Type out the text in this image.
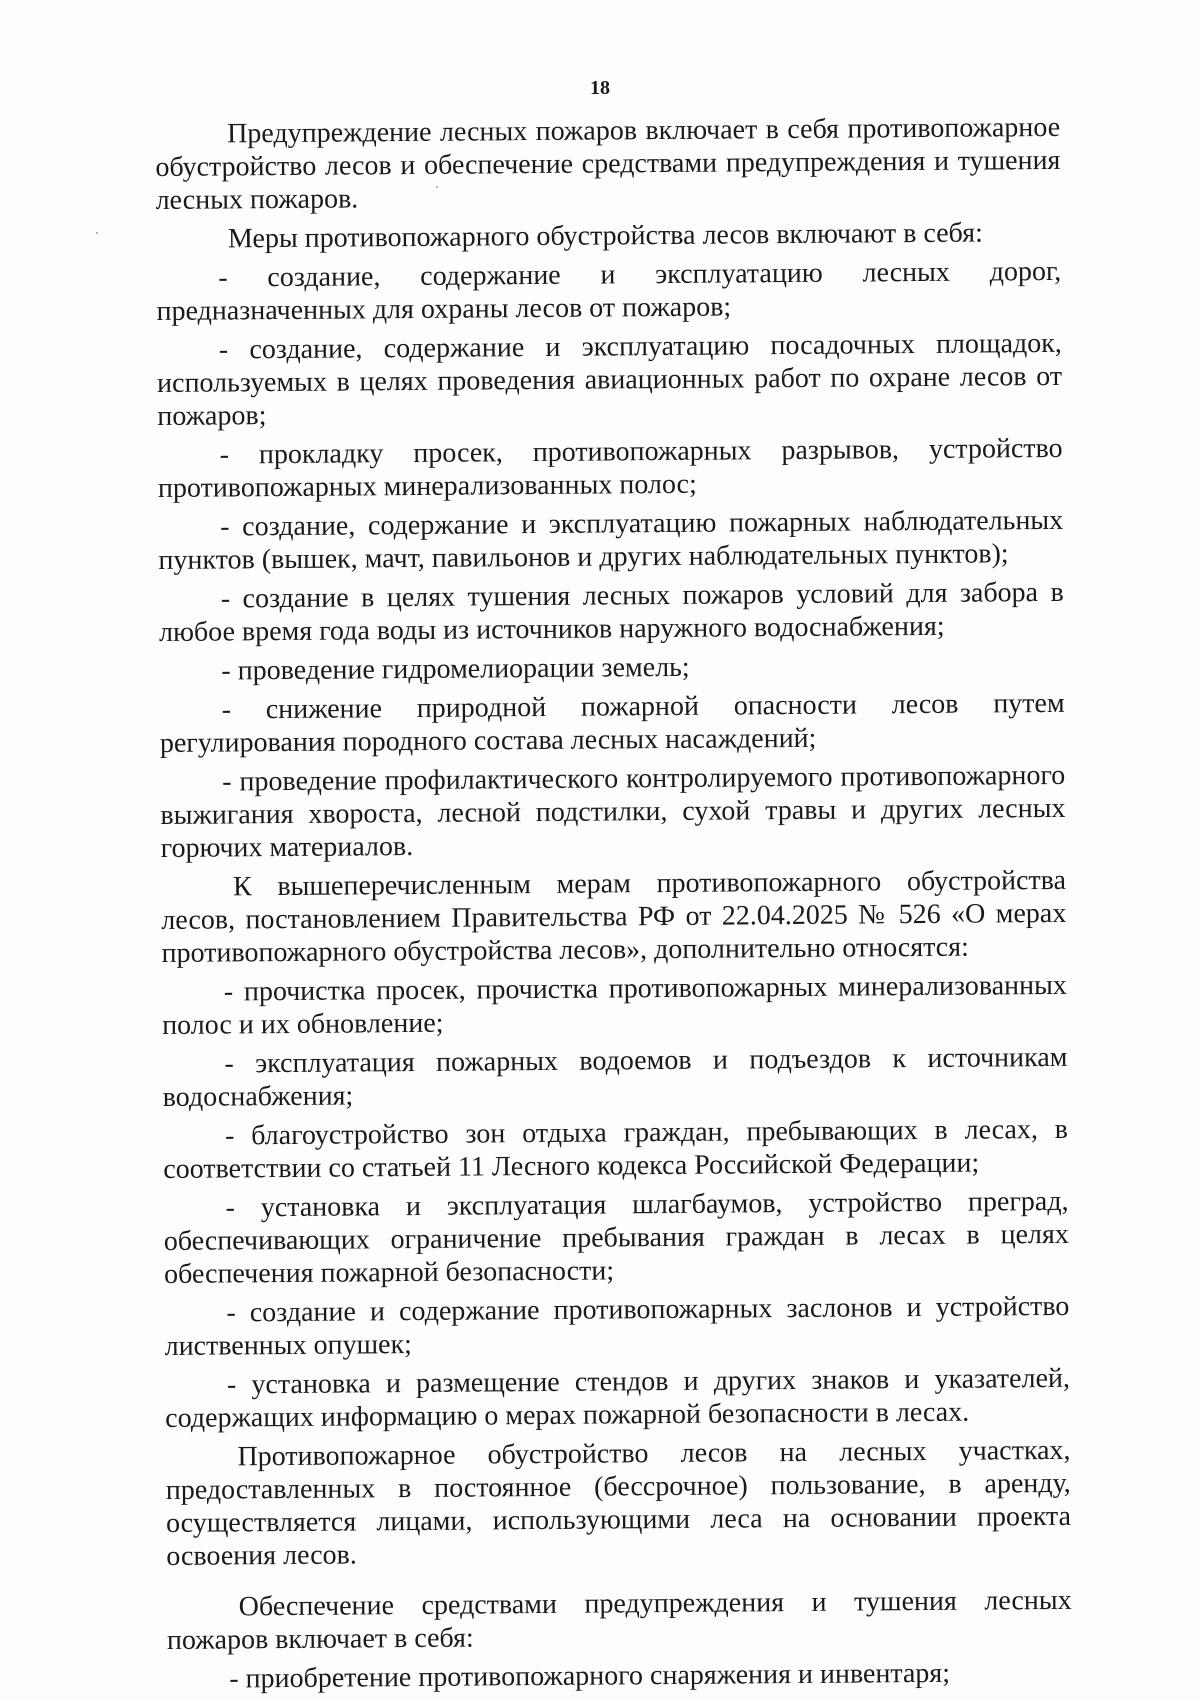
18

Предупреждение лесных пожаров включает в себя противопожарное обустройство лесов и обеспечение средствами предупреждения и тушения лесных пожаров.

Меры противопожарного обустройства лесов включают в себя:

- создание, содержание и эксплуатацию лесных дорог, предназначенных для охраны лесов от пожаров;

- создание, содержание и эксплуатацию посадочных площадок, используемых в целях проведения авиационных работ по охране лесов от пожаров;

- прокладку просек, противопожарных разрывов, устройство противопожарных минерализованных полос;

- создание, содержание и эксплуатацию пожарных наблюдательных пунктов (вышек, мачт, павильонов и других наблюдательных пунктов);

- создание в целях тушения лесных пожаров условий для забора в любое время года воды из источников наружного водоснабжения;

- проведение гидромелиорации земель;

- снижение природной пожарной опасности лесов путем регулирования породного состава лесных насаждений;

- проведение профилактического контролируемого противопожарного выжигания хвороста, лесной подстилки, сухой травы и других лесных горючих материалов.

К вышеперечисленным мерам противопожарного обустройства лесов, постановлением Правительства РФ от 22.04.2025 № 526 «О мерах противопожарного обустройства лесов», дополнительно относятся:

- прочистка просек, прочистка противопожарных минерализованных полос и их обновление;

- эксплуатация пожарных водоемов и подъездов к источникам водоснабжения;

- благоустройство зон отдыха граждан, пребывающих в лесах, в соответствии со статьей 11 Лесного кодекса Российской Федерации;

- установка и эксплуатация шлагбаумов, устройство преград, обеспечивающих ограничение пребывания граждан в лесах в целях обеспечения пожарной безопасности;

- создание и содержание противопожарных заслонов и устройство лиственных опушек;

- установка и размещение стендов и других знаков и указателей, содержащих информацию о мерах пожарной безопасности в лесах.

Противопожарное обустройство лесов на лесных участках, предоставленных в постоянное (бессрочное) пользование, в аренду, осуществляется лицами, использующими леса на основании проекта освоения лесов.

Обеспечение средствами предупреждения и тушения лесных пожаров включает в себя:

- приобретение противопожарного снаряжения и инвентаря;
